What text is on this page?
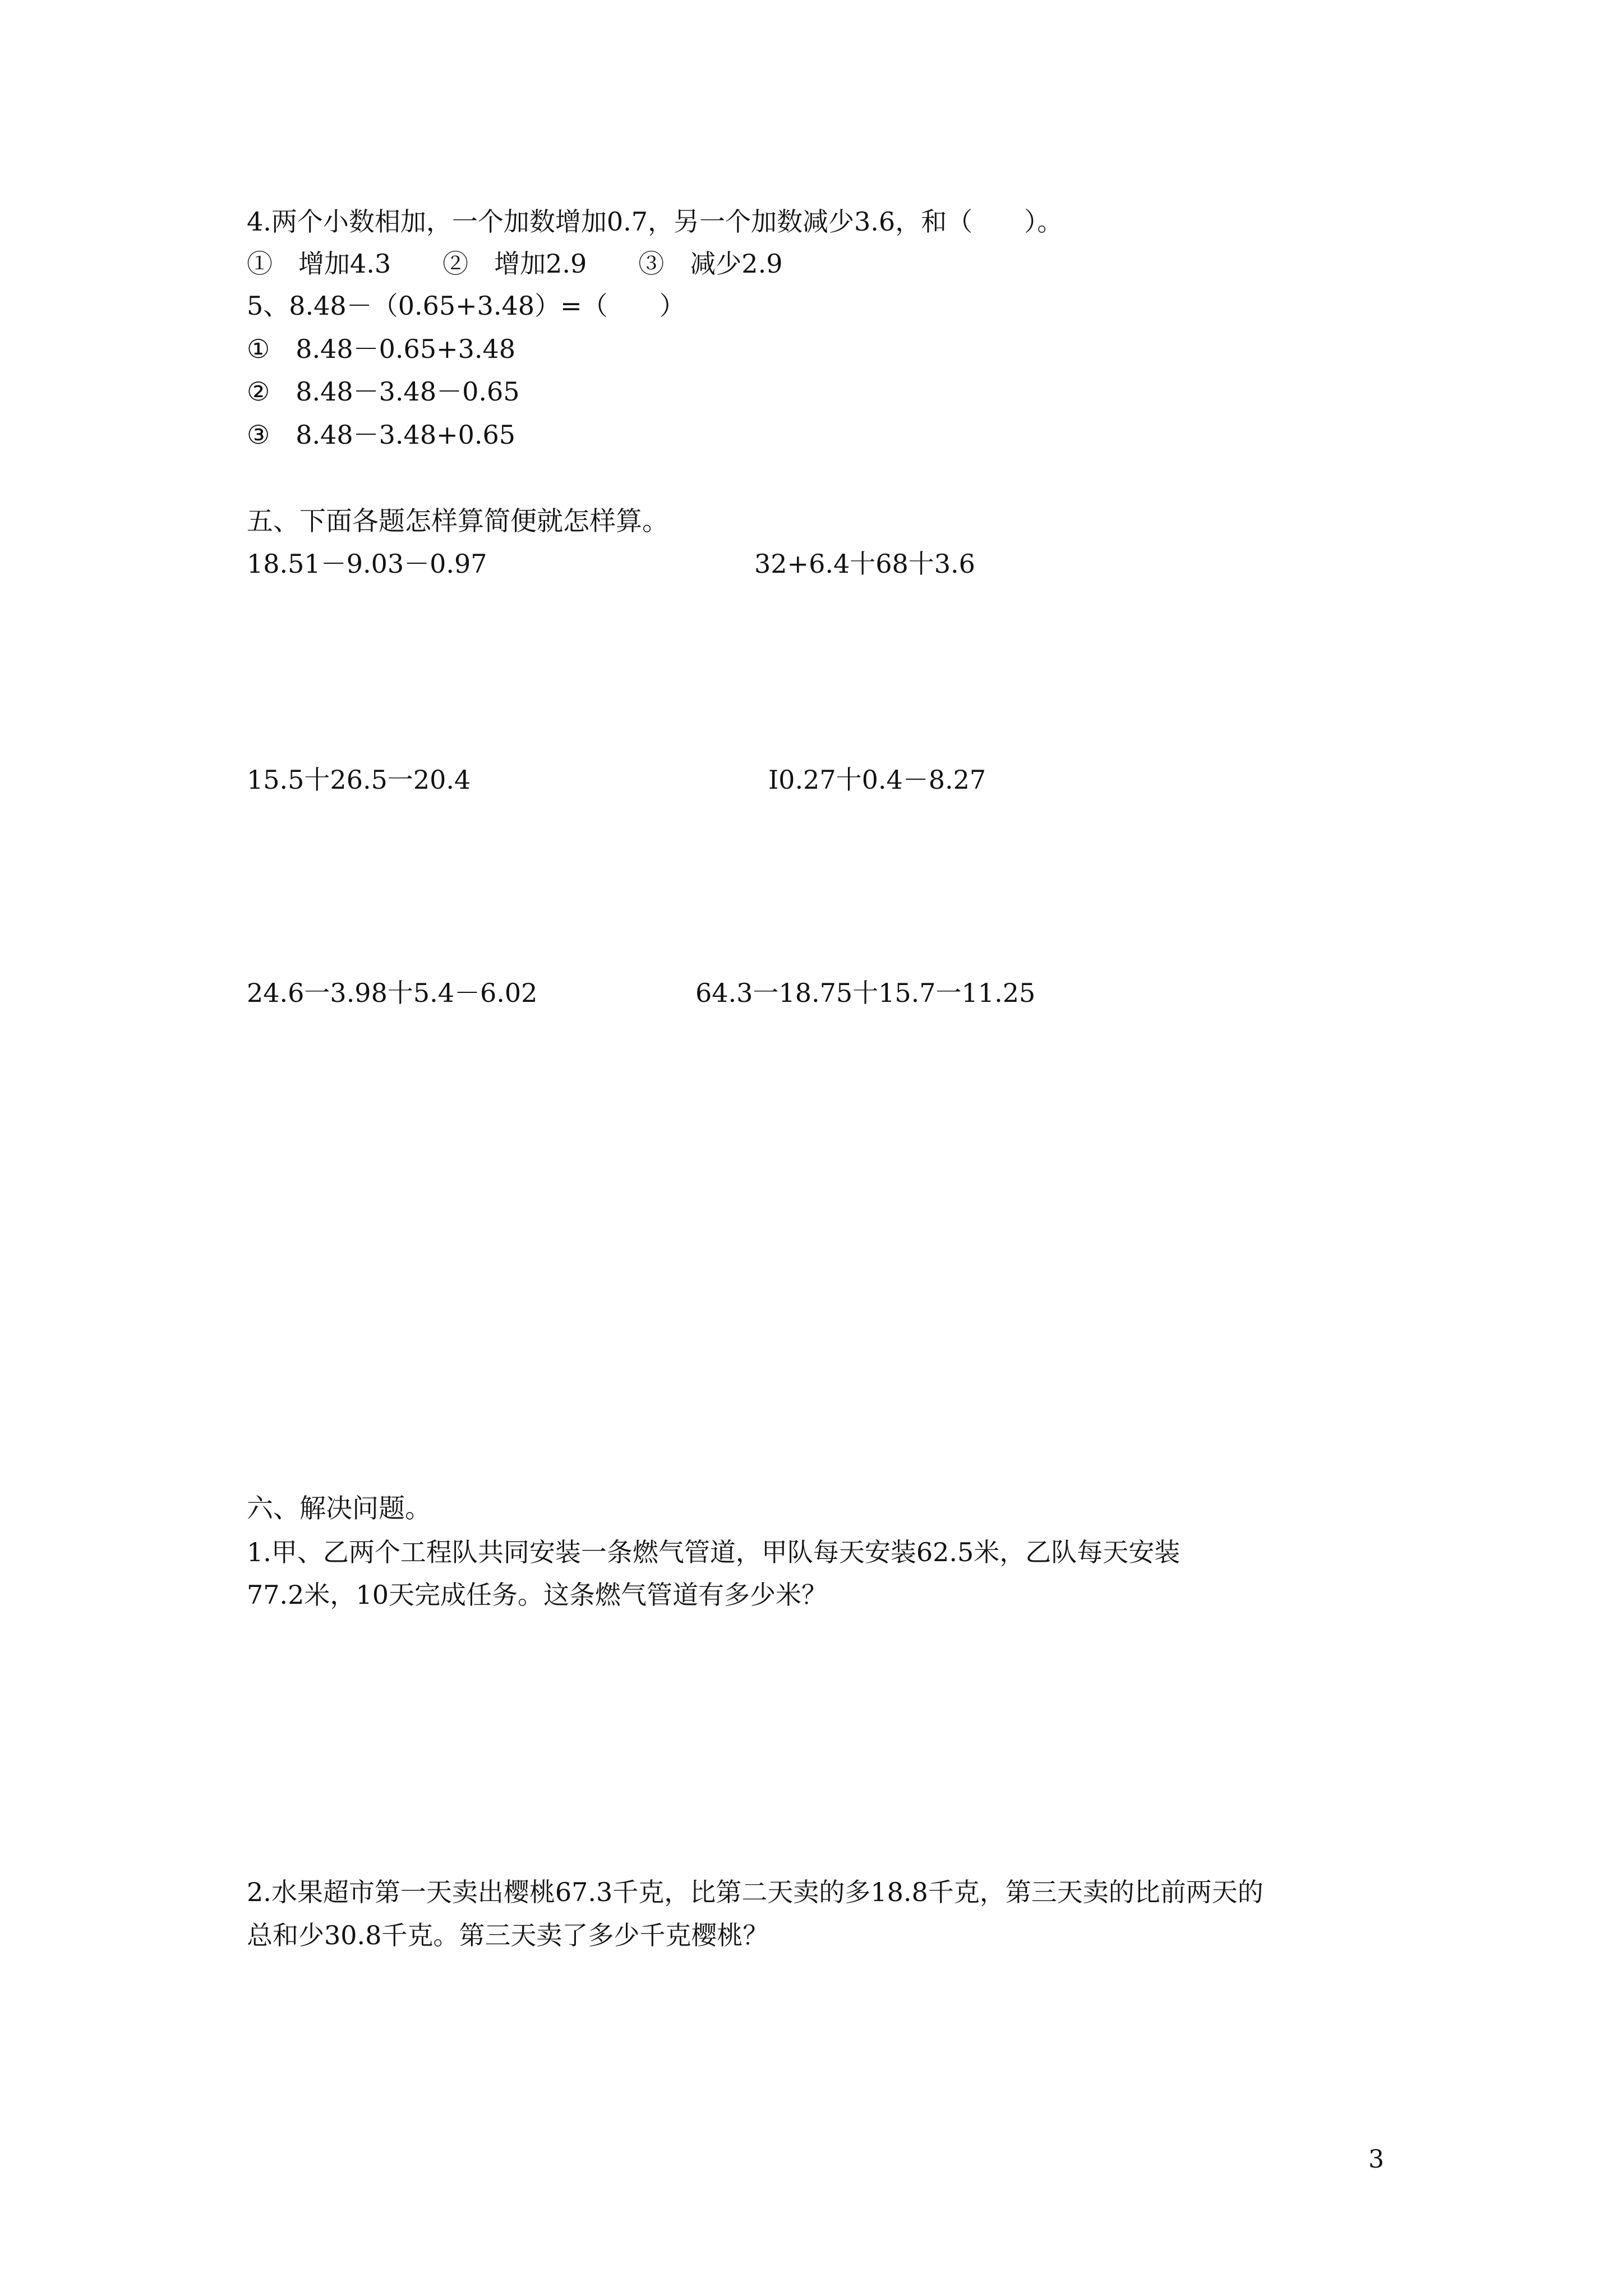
4.两个小数相加，一个加数增加0.7，另一个加数减少3.6，和（　　）。

①　增加4.3　　②　增加2.9　　③　减少2.9

5、8.48－（0.65+3.48）=（　　）

①　8.48－0.65+3.48

②　8.48－3.48－0.65

③　8.48－3.48+0.65

五、下面各题怎样算简便就怎样算。

18.51－9.03－0.97	32+6.4十68十3.6

15.5十26.5一20.4	I0.27十0.4－8.27

24.6一3.98十5.4－6.02	64.3一18.75十15.7一11.25

六、解决问题。

1.甲、乙两个工程队共同安装一条燃气管道，甲队每天安装62.5米，乙队每天安装

77.2米，10天完成任务。这条燃气管道有多少米？

2.水果超市第一天卖出樱桃67.3千克，比第二天卖的多18.8千克，第三天卖的比前两天的

总和少30.8千克。第三天卖了多少千克樱桃？

3
